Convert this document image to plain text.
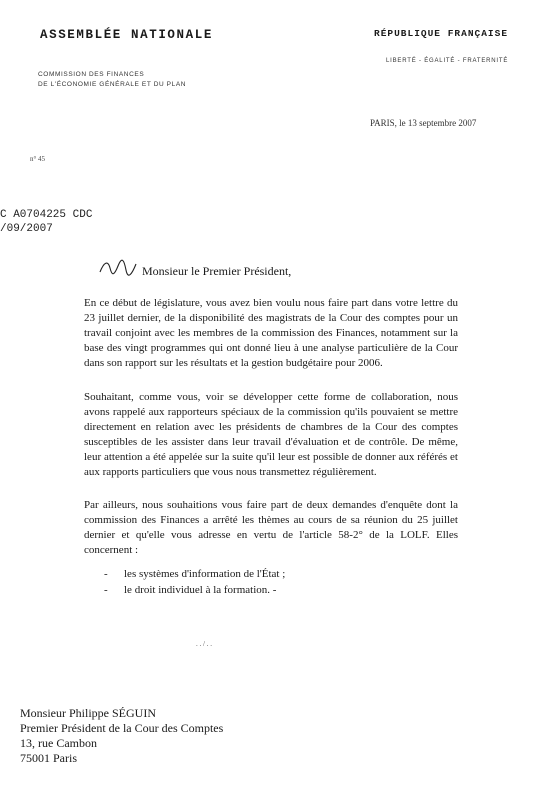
ASSEMBLÉE NATIONALE	RÉPUBLIQUE FRANÇAISE
LIBERTÉ - ÉGALITÉ - FRATERNITÉ
COMMISSION DES FINANCES
DE L'ÉCONOMIE GÉNÉRALE ET DU PLAN
PARIS, le 13 septembre 2007
n° 45
C A0704225 CDC
/09/2007
Monsieur le Premier Président,

En ce début de législature, vous avez bien voulu nous faire part dans votre lettre du 23 juillet dernier, de la disponibilité des magistrats de la Cour des comptes pour un travail conjoint avec les membres de la commission des Finances, notamment sur la base des vingt programmes qui ont donné lieu à une analyse particulière de la Cour dans son rapport sur les résultats et la gestion budgétaire pour 2006.

Souhaitant, comme vous, voir se développer cette forme de collaboration, nous avons rappelé aux rapporteurs spéciaux de la commission qu'ils pouvaient se mettre directement en relation avec les présidents de chambres de la Cour des comptes susceptibles de les assister dans leur travail d'évaluation et de contrôle. De même, leur attention a été appelée sur la suite qu'il leur est possible de donner aux référés et aux rapports particuliers que vous nous transmettez régulièrement.

Par ailleurs, nous souhaitions vous faire part de deux demandes d'enquête dont la commission des Finances a arrêté les thèmes au cours de sa réunion du 25 juillet dernier et qu'elle vous adresse en vertu de l'article 58-2° de la LOLF. Elles concernent :

- les systèmes d'information de l'État ;
- le droit individuel à la formation. -
. . / . .
Monsieur Philippe SÉGUIN
Premier Président de la Cour des Comptes
13, rue Cambon
75001 Paris
